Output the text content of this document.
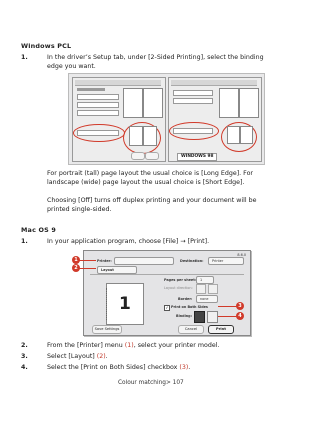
Windows PCL
1.	In the driver’s Setup tab, under [2-Sided Printing], select the binding edge you want.
WINDOWS 98
For portrait (tall) page layout the usual choice is [Long Edge]. For landscape (wide) page layout the usual choice is [Short Edge].
Choosing [Off] turns off duplex printing and your document will be printed single-sided.
Mac OS 9
1.	In your application program, choose [File] → [Print].
8.6.0
Printer:	Destination:	Printer
Layout
1
Pages per sheet: 1
Layout direction:
Border: none
✓ Print on Both Sides
Binding:
Save Settings	Cancel	Print
1
2
3
4
2.	From the [Printer] menu (1), select your printer model.
3.	Select [Layout] (2).
4.	Select the [Print on Both Sides] checkbox (3).
Colour matching> 107
